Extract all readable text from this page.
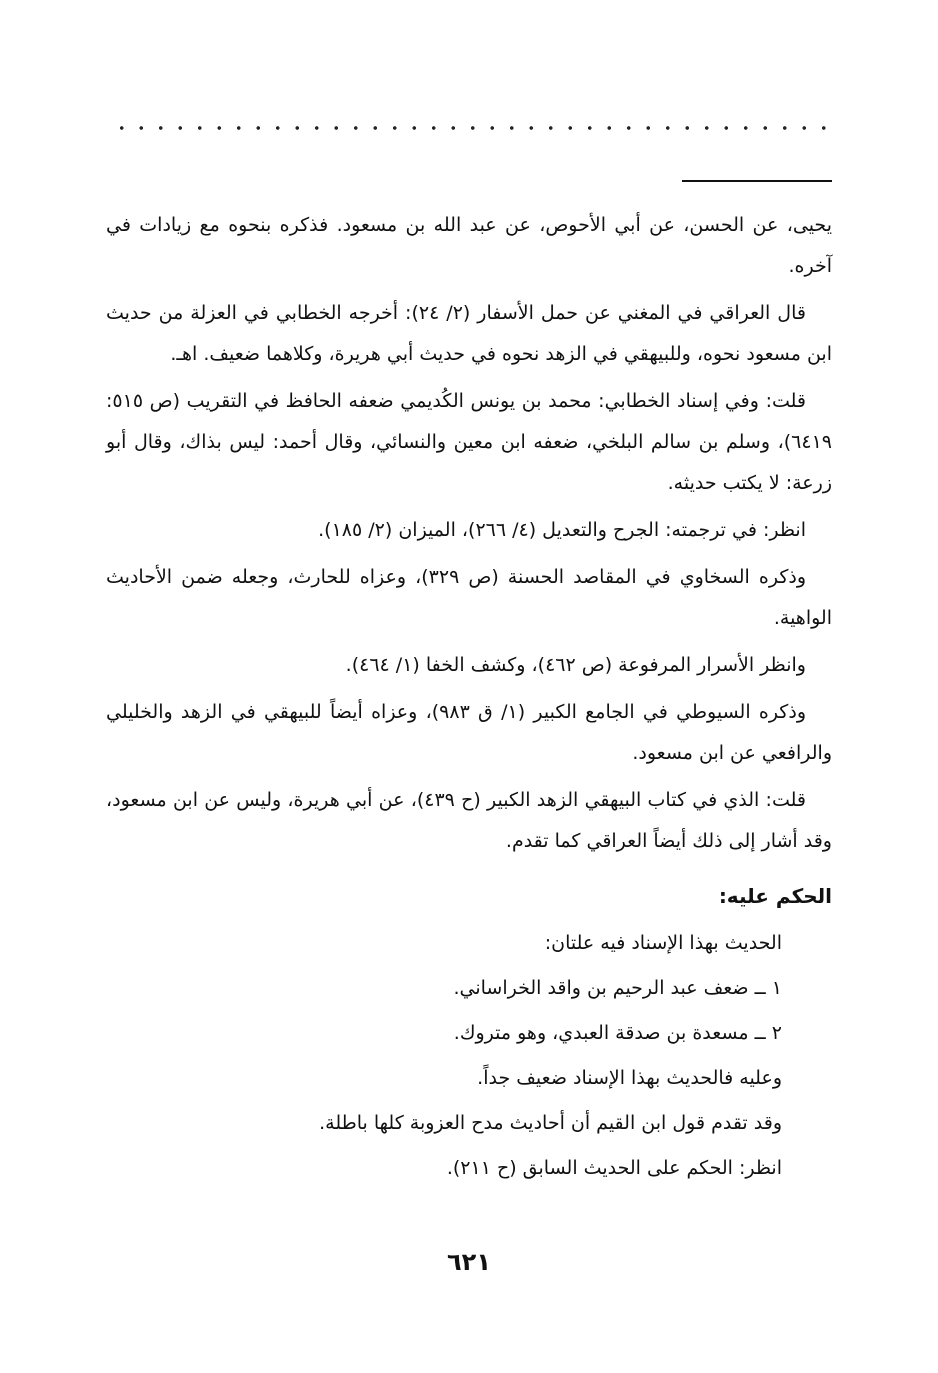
يحيى، عن الحسن، عن أبي الأحوص، عن عبد الله بن مسعود. فذكره بنحوه مع زيادات في آخره.

قال العراقي في المغني عن حمل الأسفار (٢/ ٢٤): أخرجه الخطابي في العزلة من حديث ابن مسعود نحوه، وللبيهقي في الزهد نحوه في حديث أبي هريرة، وكلاهما ضعيف. اهـ.

قلت: وفي إسناد الخطابي: محمد بن يونس الكُديمي ضعفه الحافظ في التقريب (ص ٥١٥: ٦٤١٩)، وسلم بن سالم البلخي، ضعفه ابن معين والنسائي، وقال أحمد: ليس بذاك، وقال أبو زرعة: لا يكتب حديثه.

انظر: في ترجمته: الجرح والتعديل (٤/ ٢٦٦)، الميزان (٢/ ١٨٥).

وذكره السخاوي في المقاصد الحسنة (ص ٣٢٩)، وعزاه للحارث، وجعله ضمن الأحاديث الواهية.

وانظر الأسرار المرفوعة (ص ٤٦٢)، وكشف الخفا (١/ ٤٦٤).

وذكره السيوطي في الجامع الكبير (١/ ق ٩٨٣)، وعزاه أيضاً للبيهقي في الزهد والخليلي والرافعي عن ابن مسعود.

قلت: الذي في كتاب البيهقي الزهد الكبير (ح ٤٣٩)، عن أبي هريرة، وليس عن ابن مسعود، وقد أشار إلى ذلك أيضاً العراقي كما تقدم.

الحكم عليه:

الحديث بهذا الإسناد فيه علتان:

١ ــ ضعف عبد الرحيم بن واقد الخراساني.

٢ ــ مسعدة بن صدقة العبدي، وهو متروك.

وعليه فالحديث بهذا الإسناد ضعيف جداً.

وقد تقدم قول ابن القيم أن أحاديث مدح العزوبة كلها باطلة.

انظر: الحكم على الحديث السابق (ح ٢١١).

٦٢١
